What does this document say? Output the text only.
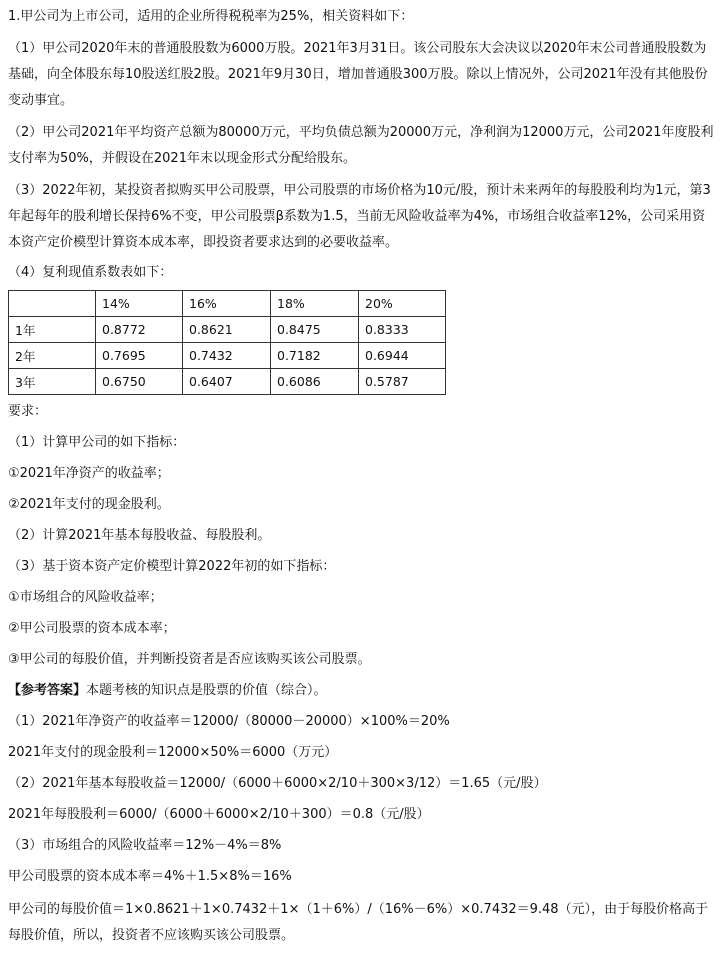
1.甲公司为上市公司，适用的企业所得税税率为25%，相关资料如下：

（1）甲公司2020年末的普通股股数为6000万股。2021年3月31日。该公司股东大会决议以2020年末公司普通股股数为基础，向全体股东每10股送红股2股。2021年9月30日，增加普通股300万股。除以上情况外，公司2021年没有其他股份变动事宜。

（2）甲公司2021年平均资产总额为80000万元，平均负债总额为20000万元，净利润为12000万元，公司2021年度股利支付率为50%，并假设在2021年末以现金形式分配给股东。

（3）2022年初，某投资者拟购买甲公司股票，甲公司股票的市场价格为10元/股，预计未来两年的每股股利均为1元，第3年起每年的股利增长保持6%不变，甲公司股票β系数为1.5，当前无风险收益率为4%，市场组合收益率12%，公司采用资本资产定价模型计算资本成本率，即投资者要求达到的必要收益率。

（4）复利现值系数表如下：

	14%	16%	18%	20%
1年	0.8772	0.8621	0.8475	0.8333
2年	0.7695	0.7432	0.7182	0.6944
3年	0.6750	0.6407	0.6086	0.5787

要求：

（1）计算甲公司的如下指标：

①2021年净资产的收益率；

②2021年支付的现金股利。

（2）计算2021年基本每股收益、每股股利。

（3）基于资本资产定价模型计算2022年初的如下指标：

①市场组合的风险收益率；

②甲公司股票的资本成本率；

③甲公司的每股价值，并判断投资者是否应该购买该公司股票。

【参考答案】本题考核的知识点是股票的价值（综合）。

（1）2021年净资产的收益率＝12000/（80000－20000）×100%＝20%

2021年支付的现金股利＝12000×50%＝6000（万元）

（2）2021年基本每股收益＝12000/（6000＋6000×2/10＋300×3/12）＝1.65（元/股）

2021年每股股利＝6000/（6000＋6000×2/10＋300）＝0.8（元/股）

（3）市场组合的风险收益率＝12%－4%＝8%

甲公司股票的资本成本率＝4%＋1.5×8%＝16%

甲公司的每股价值＝1×0.8621＋1×0.7432＋1×（1＋6%）/（16%－6%）×0.7432＝9.48（元），由于每股价格高于每股价值，所以，投资者不应该购买该公司股票。
